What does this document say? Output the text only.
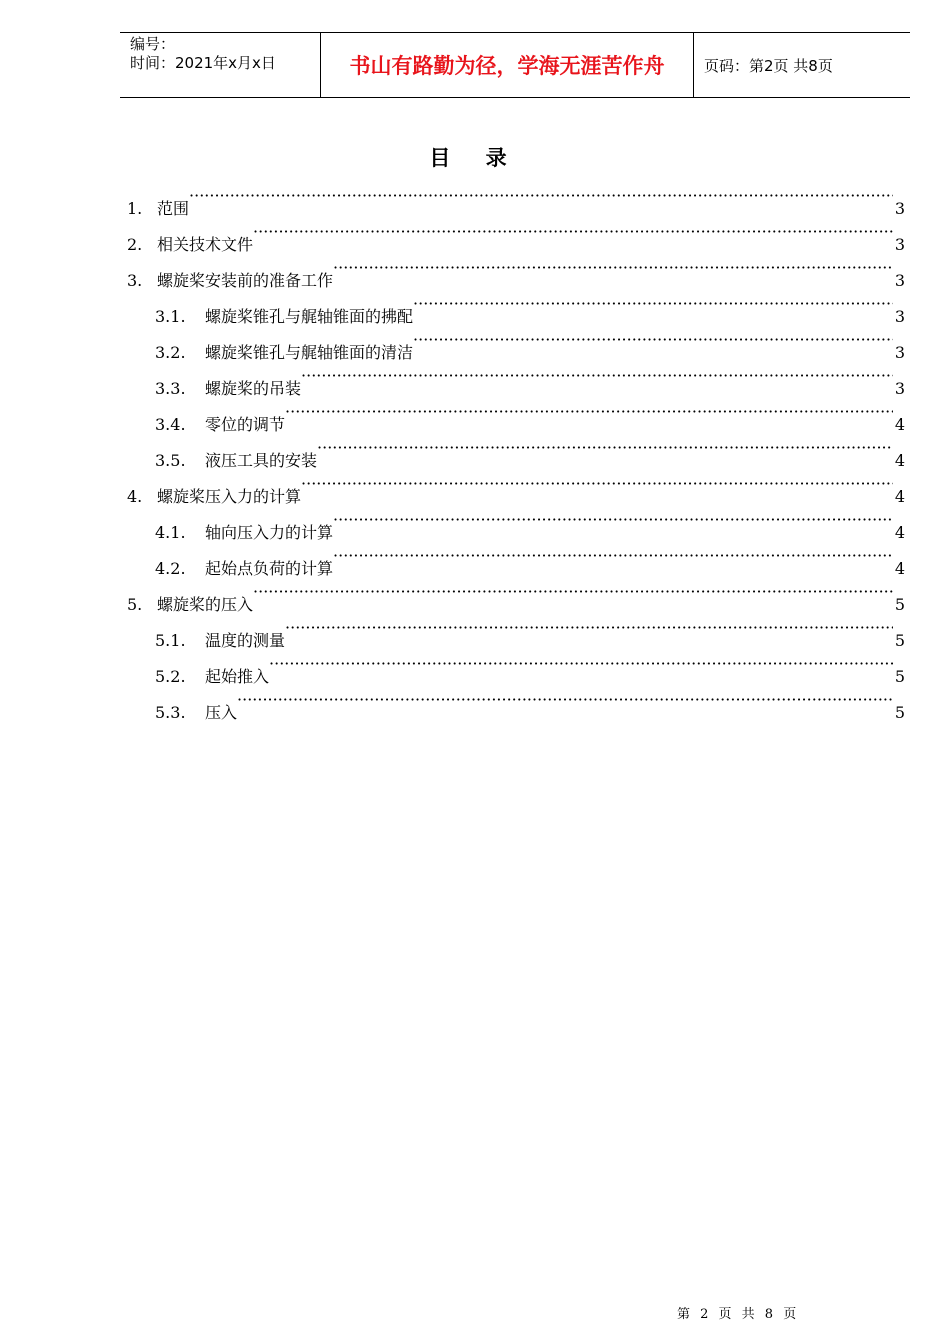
编号：
时间：2021年x月x日	书山有路勤为径，学海无涯苦作舟	页码：第2页 共8页
目 录
1. 范围 ·····	3
2. 相关技术文件 ·····	3
3. 螺旋桨安装前的准备工作 ·····	3
3.1.	螺旋桨锥孔与艉轴锥面的拂配 ·····	3
3.2.	螺旋桨锥孔与艉轴锥面的清洁 ·····	3
3.3.	螺旋桨的吊装 ·····	3
3.4.	零位的调节 ·····	4
3.5.	液压工具的安装 ·····	4
4. 螺旋桨压入力的计算 ·····	4
4.1.	轴向压入力的计算 ·····	4
4.2.	起始点负荷的计算 ·····	4
5. 螺旋桨的压入 ·····	5
5.1.	温度的测量 ·····	5
5.2.	起始推入 ·····	5
5.3.	压入 ·····	5
第 2 页 共 8 页
